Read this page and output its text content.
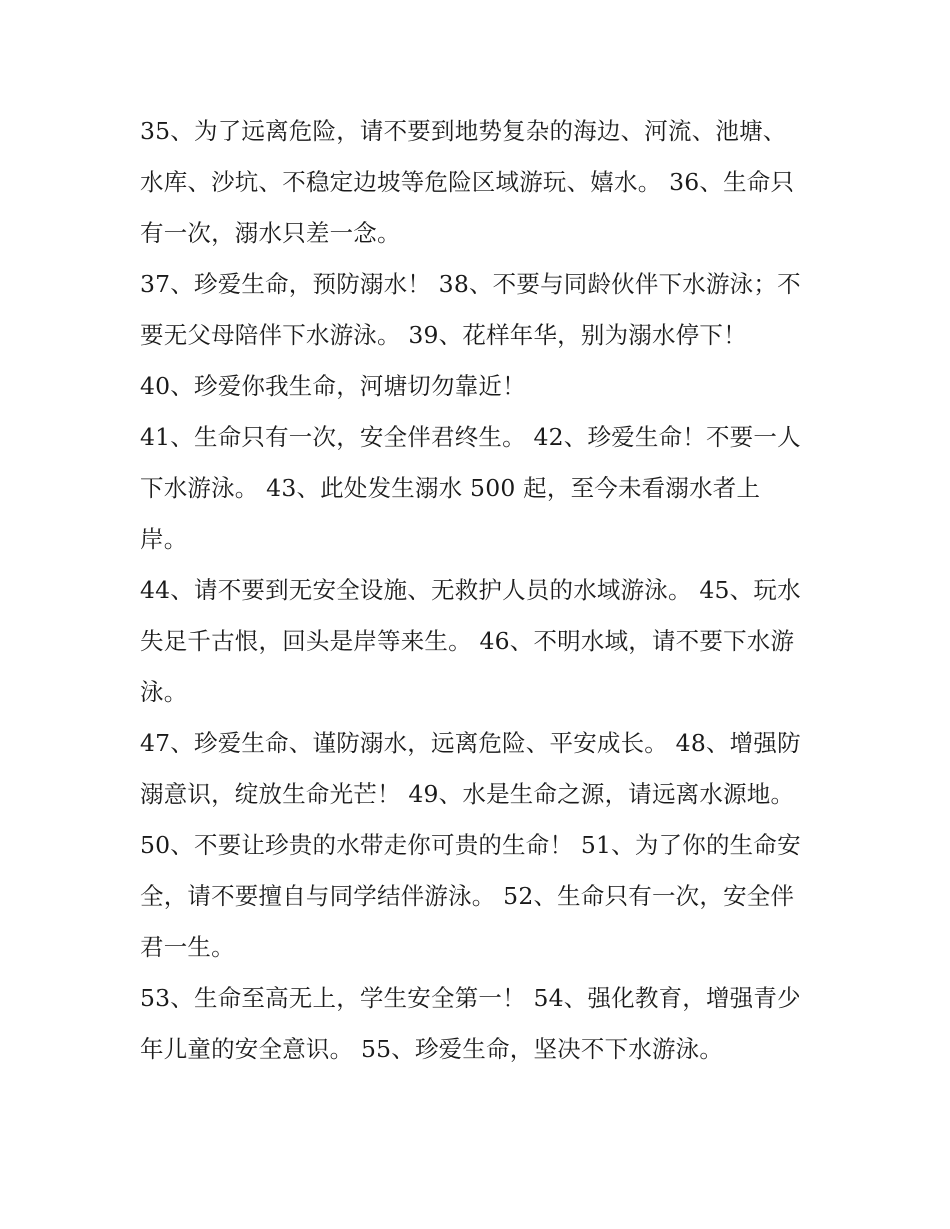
35、为了远离危险，请不要到地势复杂的海边、河流、池塘、水库、沙坑、不稳定边坡等危险区域游玩、嬉水。 36、生命只有一次，溺水只差一念。

37、珍爱生命，预防溺水！ 38、不要与同龄伙伴下水游泳；不要无父母陪伴下水游泳。 39、花样年华，别为溺水停下！

40、珍爱你我生命，河塘切勿靠近！

41、生命只有一次，安全伴君终生。 42、珍爱生命！不要一人下水游泳。 43、此处发生溺水 500 起，至今未看溺水者上岸。

44、请不要到无安全设施、无救护人员的水域游泳。 45、玩水失足千古恨，回头是岸等来生。 46、不明水域，请不要下水游泳。

47、珍爱生命、谨防溺水，远离危险、平安成长。 48、增强防溺意识，绽放生命光芒！ 49、水是生命之源，请远离水源地。

50、不要让珍贵的水带走你可贵的生命！ 51、为了你的生命安全，请不要擅自与同学结伴游泳。 52、生命只有一次，安全伴君一生。

53、生命至高无上，学生安全第一！ 54、强化教育，增强青少年儿童的安全意识。 55、珍爱生命，坚决不下水游泳。
